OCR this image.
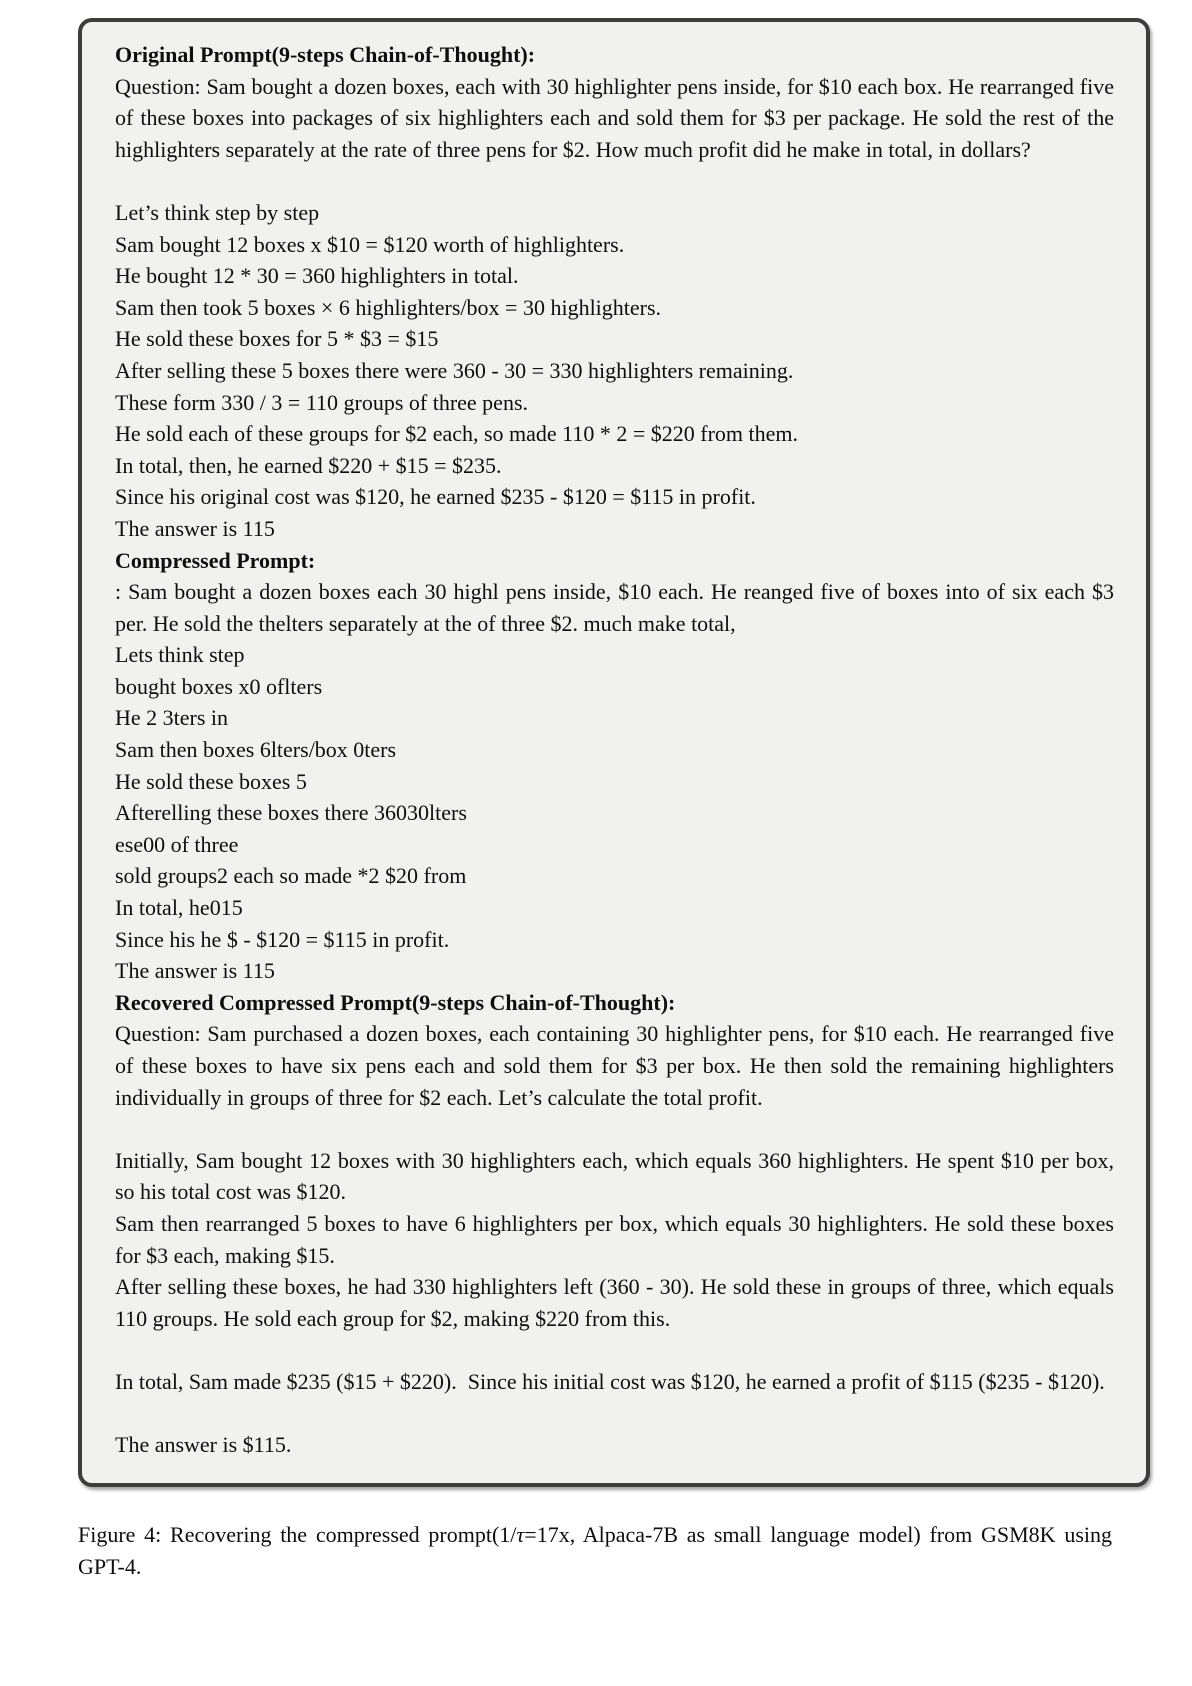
Original Prompt(9-steps Chain-of-Thought):
Question: Sam bought a dozen boxes, each with 30 highlighter pens inside, for $10 each box. He rearranged five of these boxes into packages of six highlighters each and sold them for $3 per package. He sold the rest of the highlighters separately at the rate of three pens for $2. How much profit did he make in total, in dollars?
Let’s think step by step
Sam bought 12 boxes x $10 = $120 worth of highlighters.
He bought 12 * 30 = 360 highlighters in total.
Sam then took 5 boxes × 6 highlighters/box = 30 highlighters.
He sold these boxes for 5 * $3 = $15
After selling these 5 boxes there were 360 - 30 = 330 highlighters remaining.
These form 330 / 3 = 110 groups of three pens.
He sold each of these groups for $2 each, so made 110 * 2 = $220 from them.
In total, then, he earned $220 + $15 = $235.
Since his original cost was $120, he earned $235 - $120 = $115 in profit.
The answer is 115
Compressed Prompt:
: Sam bought a dozen boxes each 30 highl pens inside, $10 each. He reanged five of boxes into of six each $3 per. He sold the thelters separately at the of three $2. much make total,
Lets think step
bought boxes x0 oflters
He 2 3ters in
Sam then boxes 6lters/box 0ters
He sold these boxes 5
Afterelling these boxes there 36030lters
ese00 of three
sold groups2 each so made *2 $20 from
In total, he015
Since his he $ - $120 = $115 in profit.
The answer is 115
Recovered Compressed Prompt(9-steps Chain-of-Thought):
Question: Sam purchased a dozen boxes, each containing 30 highlighter pens, for $10 each. He rearranged five of these boxes to have six pens each and sold them for $3 per box. He then sold the remaining highlighters individually in groups of three for $2 each. Let’s calculate the total profit.
Initially, Sam bought 12 boxes with 30 highlighters each, which equals 360 highlighters. He spent $10 per box, so his total cost was $120.
Sam then rearranged 5 boxes to have 6 highlighters per box, which equals 30 highlighters. He sold these boxes for $3 each, making $15.
After selling these boxes, he had 330 highlighters left (360 - 30). He sold these in groups of three, which equals 110 groups. He sold each group for $2, making $220 from this.
In total, Sam made $235 ($15 + $220).  Since his initial cost was $120, he earned a profit of $115 ($235 - $120).
The answer is $115.

Figure 4: Recovering the compressed prompt(1/τ=17x, Alpaca-7B as small language model) from GSM8K using GPT-4.
